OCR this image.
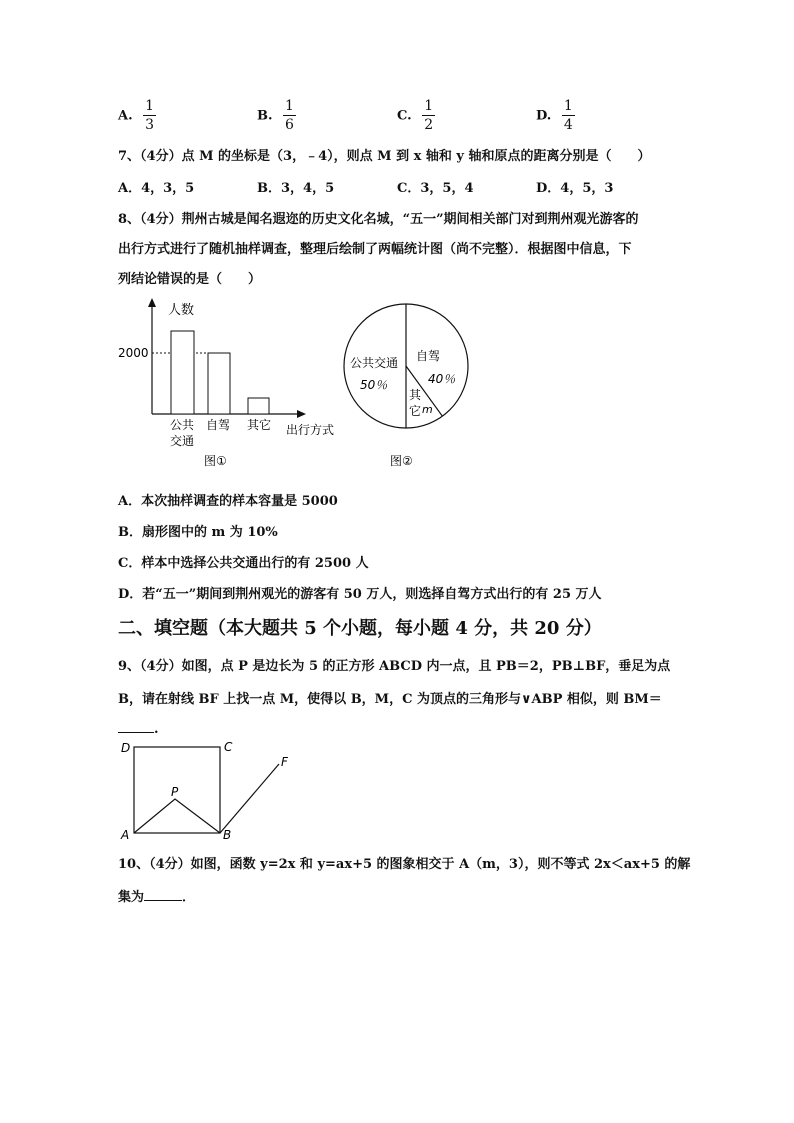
A. $\frac{1}{3}$	B. $\frac{1}{6}$	C. $\frac{1}{2}$	D. $\frac{1}{4}$
7、（4分）点 M 的坐标是（3，﹣4），则点 M 到 x 轴和 y 轴和原点的距离分别是（　　）
A．4，3，5	B．3，4，5	C．3，5，4	D．4，5，3
8、（4分）荆州古城是闻名遐迩的历史文化名城，“五一”期间相关部门对到荆州观光游客的
出行方式进行了随机抽样调查，整理后绘制了两幅统计图（尚不完整）．根据图中信息，下
列结论错误的是（　　）
人数
2000
公共
交通
自驾 其它 出行方式
图①
公共交通
50％
自驾
40％
其
它 m
图②
A．本次抽样调查的样本容量是 5000
B．扇形图中的 m 为 10%
C．样本中选择公共交通出行的有 2500 人
D．若“五一”期间到荆州观光的游客有 50 万人，则选择自驾方式出行的有 25 万人
二、填空题（本大题共 5 个小题，每小题 4 分，共 20 分）
9、（4分）如图，点 P 是边长为 5 的正方形 ABCD 内一点，且 PB＝2，PB⊥BF，垂足为点
B，请在射线 BF 上找一点 M，使得以 B，M，C 为顶点的三角形与∨ABP 相似，则 BM＝
.
D	C
A	B
P
F
10、（4分）如图，函数 y=2x 和 y=ax+5 的图象相交于 A（m，3），则不等式 2x＜ax+5 的解
集为	．
